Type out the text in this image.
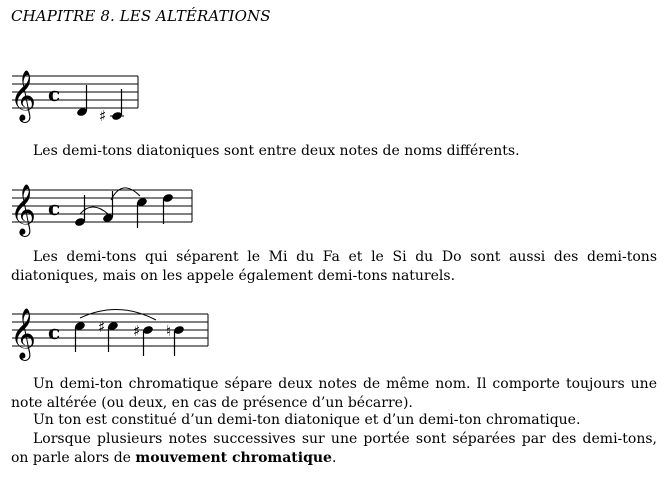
CHAPITRE 8. LES ALTÉRATIONS
𝄞 c
♯
Les demi-tons diatoniques sont entre deux notes de noms différents.
𝄞 c
Les demi-tons qui séparent le Mi du Fa et le Si du Do sont aussi des demi-tons diatoniques, mais on les appele également demi-tons naturels.
𝄞 c	♯ ♯ ♮
Un demi-ton chromatique sépare deux notes de même nom. Il comporte toujours une note altérée (ou deux, en cas de présence d’un bécarre).
Un ton est constitué d’un demi-ton diatonique et d’un demi-ton chromatique.
Lorsque plusieurs notes successives sur une portée sont séparées par des demi-tons, on parle alors de mouvement chromatique.
